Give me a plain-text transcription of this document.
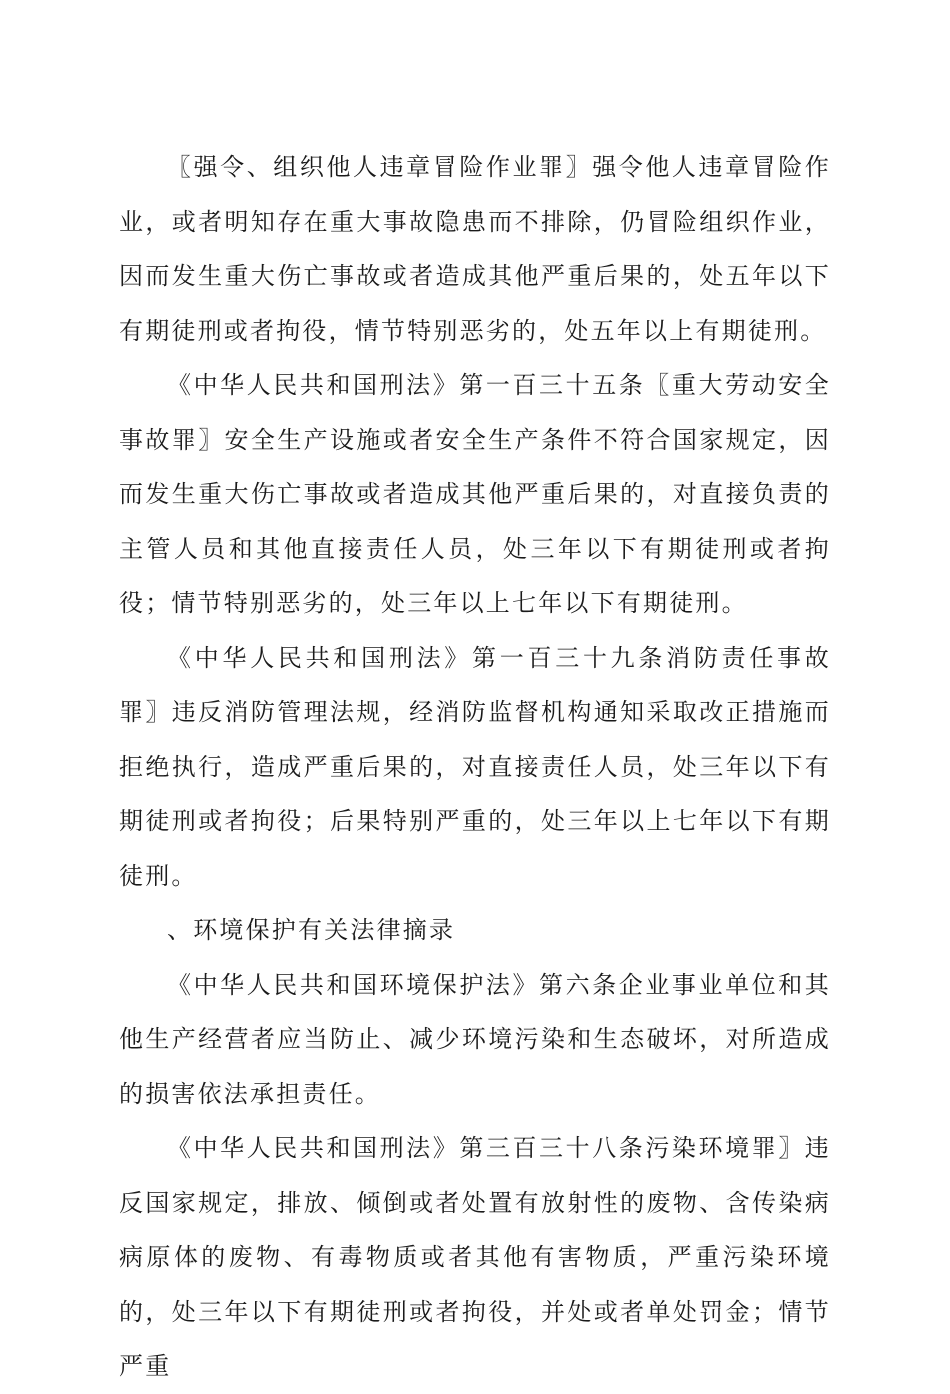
〖强令、组织他人违章冒险作业罪〗强令他人违章冒险作业，或者明知存在重大事故隐患而不排除，仍冒险组织作业，因而发生重大伤亡事故或者造成其他严重后果的，处五年以下有期徒刑或者拘役，情节特别恶劣的，处五年以上有期徒刑。

《中华人民共和国刑法》第一百三十五条〖重大劳动安全事故罪〗安全生产设施或者安全生产条件不符合国家规定，因而发生重大伤亡事故或者造成其他严重后果的，对直接负责的主管人员和其他直接责任人员，处三年以下有期徒刑或者拘役；情节特别恶劣的，处三年以上七年以下有期徒刑。

《中华人民共和国刑法》第一百三十九条消防责任事故罪〗违反消防管理法规，经消防监督机构通知采取改正措施而拒绝执行，造成严重后果的，对直接责任人员，处三年以下有期徒刑或者拘役；后果特别严重的，处三年以上七年以下有期徒刑。

、环境保护有关法律摘录

《中华人民共和国环境保护法》第六条企业事业单位和其他生产经营者应当防止、减少环境污染和生态破坏，对所造成的损害依法承担责任。

《中华人民共和国刑法》第三百三十八条污染环境罪〗违反国家规定，排放、倾倒或者处置有放射性的废物、含传染病病原体的废物、有毒物质或者其他有害物质，严重污染环境的，处三年以下有期徒刑或者拘役，并处或者单处罚金；情节严重
